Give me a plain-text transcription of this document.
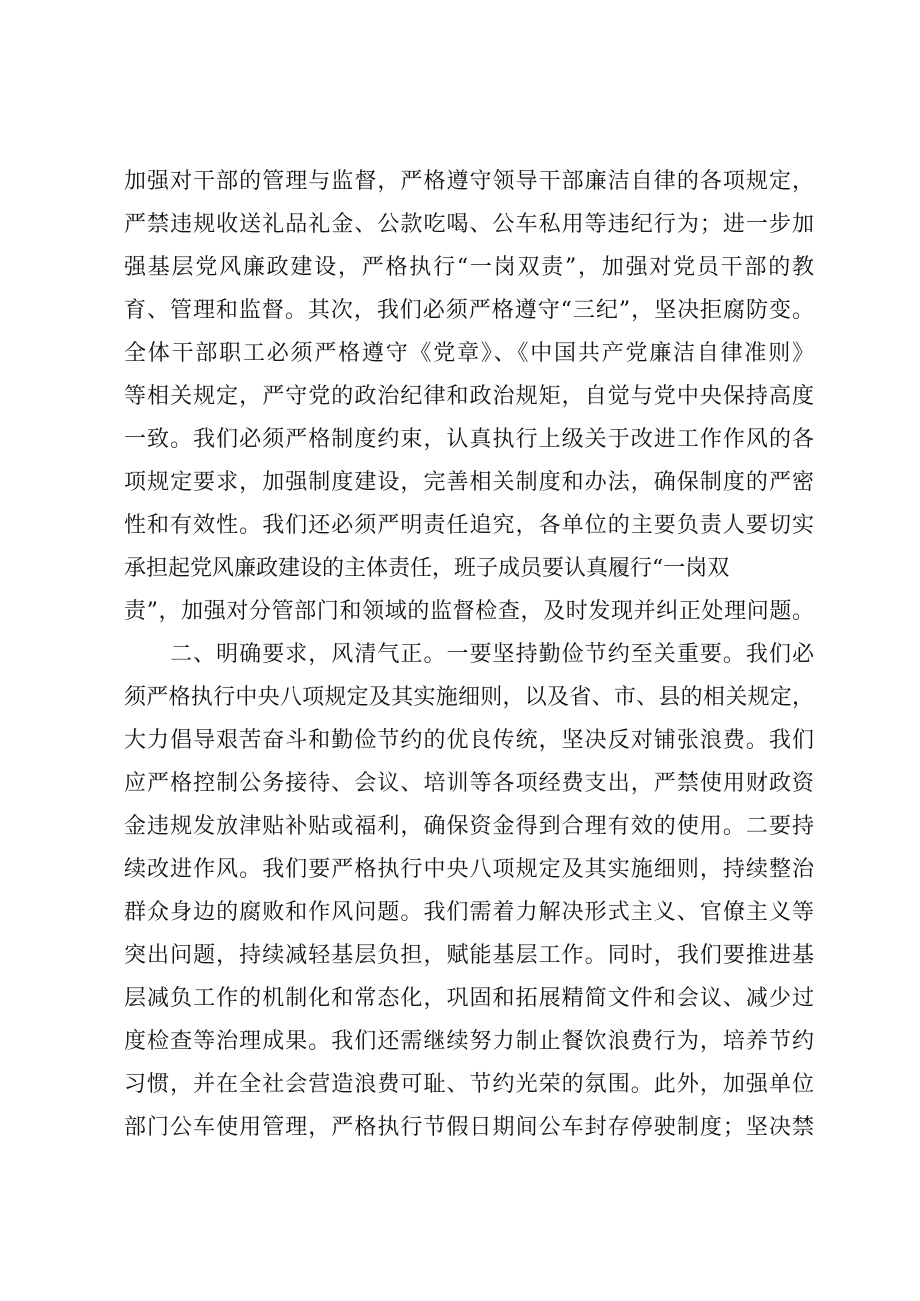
加强对干部的管理与监督，严格遵守领导干部廉洁自律的各项规定，
严禁违规收送礼品礼金、公款吃喝、公车私用等违纪行为；进一步加
强基层党风廉政建设，严格执行“一岗双责”，加强对党员干部的教
育、管理和监督。其次，我们必须严格遵守“三纪”，坚决拒腐防变。
全体干部职工必须严格遵守《党章》、《中国共产党廉洁自律准则》
等相关规定，严守党的政治纪律和政治规矩，自觉与党中央保持高度
一致。我们必须严格制度约束，认真执行上级关于改进工作作风的各
项规定要求，加强制度建设，完善相关制度和办法，确保制度的严密
性和有效性。我们还必须严明责任追究，各单位的主要负责人要切实
承担起党风廉政建设的主体责任，班子成员要认真履行“一岗双
责”，加强对分管部门和领域的监督检查，及时发现并纠正处理问题。
　　二、明确要求，风清气正。一要坚持勤俭节约至关重要。我们必
须严格执行中央八项规定及其实施细则，以及省、市、县的相关规定，
大力倡导艰苦奋斗和勤俭节约的优良传统，坚决反对铺张浪费。我们
应严格控制公务接待、会议、培训等各项经费支出，严禁使用财政资
金违规发放津贴补贴或福利，确保资金得到合理有效的使用。二要持
续改进作风。我们要严格执行中央八项规定及其实施细则，持续整治
群众身边的腐败和作风问题。我们需着力解决形式主义、官僚主义等
突出问题，持续减轻基层负担，赋能基层工作。同时，我们要推进基
层减负工作的机制化和常态化，巩固和拓展精简文件和会议、减少过
度检查等治理成果。我们还需继续努力制止餐饮浪费行为，培养节约
习惯，并在全社会营造浪费可耻、节约光荣的氛围。此外，加强单位
部门公车使用管理，严格执行节假日期间公车封存停驶制度；坚决禁
